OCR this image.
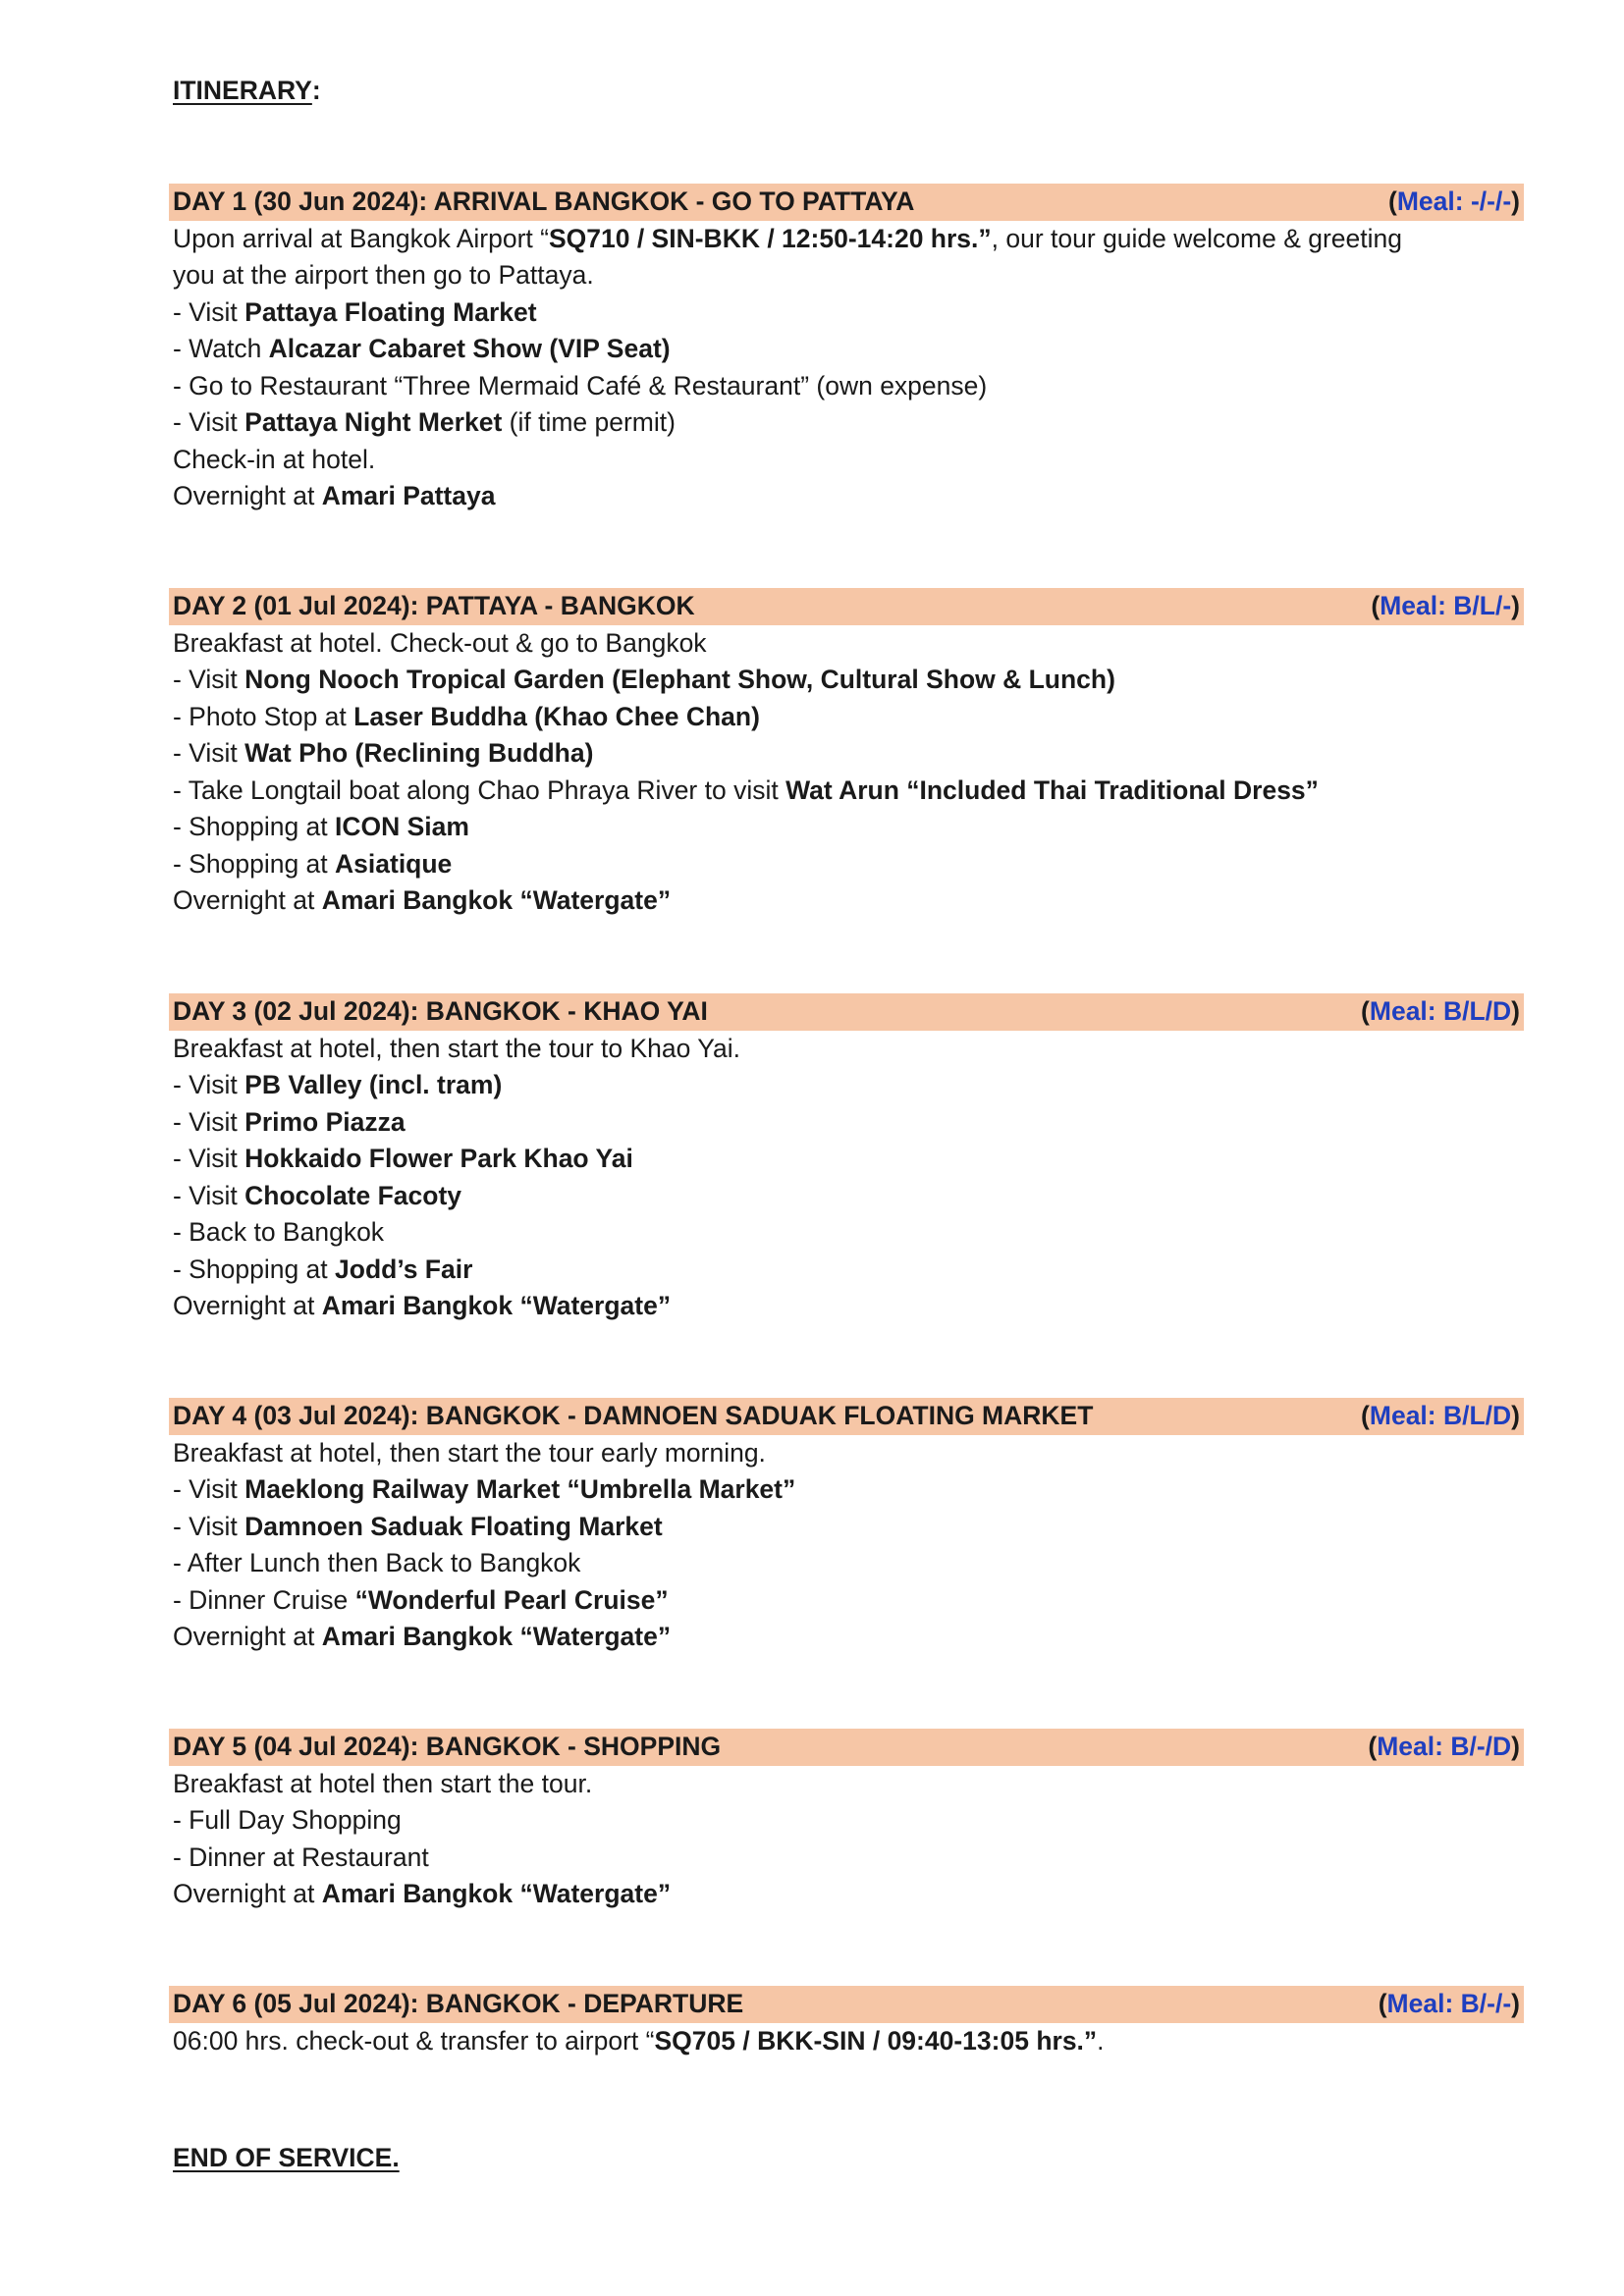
ITINERARY:
DAY 1 (30 Jun 2024): ARRIVAL BANGKOK - GO TO PATTAYA	(Meal: -/-/-)
Upon arrival at Bangkok Airport “SQ710 / SIN-BKK / 12:50-14:20 hrs.”, our tour guide welcome & greeting
you at the airport then go to Pattaya.
- Visit Pattaya Floating Market
- Watch Alcazar Cabaret Show (VIP Seat)
- Go to Restaurant “Three Mermaid Café & Restaurant” (own expense)
- Visit Pattaya Night Merket (if time permit)
Check-in at hotel.
Overnight at Amari Pattaya
DAY 2 (01 Jul 2024): PATTAYA - BANGKOK	(Meal: B/L/-)
Breakfast at hotel. Check-out & go to Bangkok
- Visit Nong Nooch Tropical Garden (Elephant Show, Cultural Show & Lunch)
- Photo Stop at Laser Buddha (Khao Chee Chan)
- Visit Wat Pho (Reclining Buddha)
- Take Longtail boat along Chao Phraya River to visit Wat Arun “Included Thai Traditional Dress”
- Shopping at ICON Siam
- Shopping at Asiatique
Overnight at Amari Bangkok “Watergate”
DAY 3 (02 Jul 2024): BANGKOK - KHAO YAI	(Meal: B/L/D)
Breakfast at hotel, then start the tour to Khao Yai.
- Visit PB Valley (incl. tram)
- Visit Primo Piazza
- Visit Hokkaido Flower Park Khao Yai
- Visit Chocolate Facoty
- Back to Bangkok
- Shopping at Jodd’s Fair
Overnight at Amari Bangkok “Watergate”
DAY 4 (03 Jul 2024): BANGKOK - DAMNOEN SADUAK FLOATING MARKET	(Meal: B/L/D)
Breakfast at hotel, then start the tour early morning.
- Visit Maeklong Railway Market “Umbrella Market”
- Visit Damnoen Saduak Floating Market
- After Lunch then Back to Bangkok
- Dinner Cruise “Wonderful Pearl Cruise”
Overnight at Amari Bangkok “Watergate”
DAY 5 (04 Jul 2024): BANGKOK - SHOPPING	(Meal: B/-/D)
Breakfast at hotel then start the tour.
- Full Day Shopping
- Dinner at Restaurant
Overnight at Amari Bangkok “Watergate”
DAY 6 (05 Jul 2024): BANGKOK - DEPARTURE	(Meal: B/-/-)
06:00 hrs. check-out & transfer to airport “SQ705 / BKK-SIN / 09:40-13:05 hrs.”.
END OF SERVICE.
